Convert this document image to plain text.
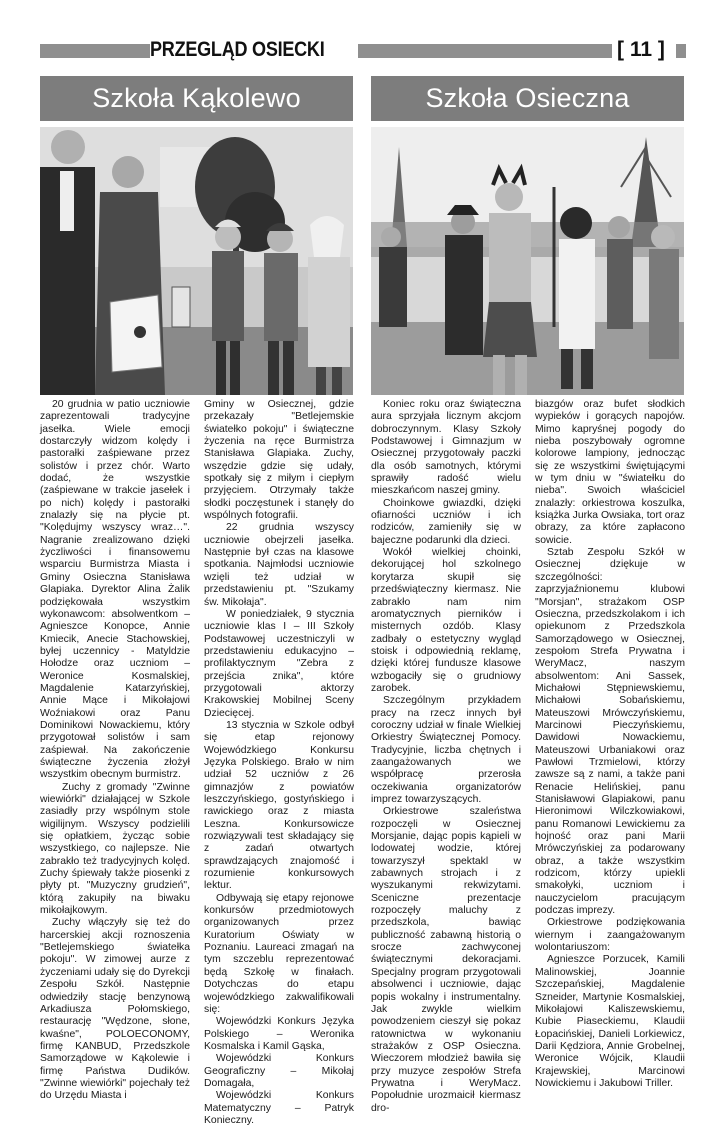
PRZEGLĄD OSIECKI	[ 11 ]
Szkoła Kąkolewo	Szkoła Osieczna

20 grudnia w patio uczniowie zaprezentowali tradycyjne jasełka. Wiele emocji dostarczyły widzom kolędy i pastorałki zaśpiewane przez solistów i przez chór. Warto dodać, że wszystkie (zaśpiewane w trakcie jasełek i po nich) kolędy i pastorałki znalazły się na płycie pt. "Kolędujmy wszyscy wraz…". Nagranie zrealizowano dzięki życzliwości i finansowemu wsparciu Burmistrza Miasta i Gminy Osieczna Stanisława Glapiaka. Dyrektor Alina Żalik podziękowała wszystkim wykonawcom: absolwentkom – Agnieszce Konopce, Annie Kmiecik, Anecie Stachowskiej, byłej uczennicy - Matyldzie Hołodze oraz uczniom – Weronice Kosmalskiej, Magdalenie Katarzyńskiej, Annie Mące i Mikołajowi Woźniakowi oraz Panu Dominikowi Nowackiemu, który przygotował solistów i sam zaśpiewał. Na zakończenie świąteczne życzenia złożył wszystkim obecnym burmistrz.

Zuchy z gromady "Zwinne wiewiórki" działającej w Szkole zasiadły przy wspólnym stole wigilijnym. Wszyscy podzielili się opłatkiem, życząc sobie wszystkiego, co najlepsze. Nie zabrakło też tradycyjnych kolęd. Zuchy śpiewały także piosenki z płyty pt. "Muzyczny grudzień", którą zakupiły na biwaku mikołajkowym.

Zuchy włączyły się też do harcerskiej akcji roznoszenia "Betlejemskiego światełka pokoju". W zimowej aurze z życzeniami udały się do Dyrekcji Zespołu Szkół. Następnie odwiedziły stację benzynową Arkadiusza Połomskiego, restaurację "Wędzone, słone, kwaśne", POLOECONOMY, firmę KANBUD, Przedszkole Samorządowe w Kąkolewie i firmę Państwa Dudików. "Zwinne wiewiórki" pojechały też do Urzędu Miasta i

Gminy w Osiecznej, gdzie przekazały "Betlejemskie światełko pokoju" i świąteczne życzenia na ręce Burmistrza Stanisława Glapiaka. Zuchy, wszędzie gdzie się udały, spotkały się z miłym i ciepłym przyjęciem. Otrzymały także słodki poczęstunek i stanęły do wspólnych fotografii.

22 grudnia wszyscy uczniowie obejrzeli jasełka. Następnie był czas na klasowe spotkania. Najmłodsi uczniowie wzięli też udział w przedstawieniu pt. "Szukamy św. Mikołaja".

W poniedziałek, 9 stycznia uczniowie klas I – III Szkoły Podstawowej uczestniczyli w przedstawieniu edukacyjno – profilaktycznym "Zebra z przejścia znika", które przygotowali aktorzy Krakowskiej Mobilnej Sceny Dziecięcej.

13 stycznia w Szkole odbył się etap rejonowy Wojewódzkiego Konkursu Języka Polskiego. Brało w nim udział 52 uczniów z 26 gimnazjów z powiatów leszczyńskiego, gostyńskiego i rawickiego oraz z miasta Leszna. Konkursowicze rozwiązywali test składający się z zadań otwartych sprawdzających znajomość i rozumienie konkursowych lektur.

Odbywają się etapy rejonowe konkursów przedmiotowych organizowanych przez Kuratorium Oświaty w Poznaniu. Laureaci zmagań na tym szczeblu reprezentować będą Szkołę w finałach. Dotychczas do etapu wojewódzkiego zakwalifikowali się:

Wojewódzki Konkurs Języka Polskiego – Weronika Kosmalska i Kamil Gąska,

Wojewódzki Konkurs Geograficzny – Mikołaj Domagała,

Wojewódzki Konkurs Matematyczny – Patryk Konieczny.

Koniec roku oraz świąteczna aura sprzyjała licznym akcjom dobroczynnym. Klasy Szkoły Podstawowej i Gimnazjum w Osiecznej przygotowały paczki dla osób samotnych, którymi sprawiły radość wielu mieszkańcom naszej gminy.

Choinkowe gwiazdki, dzięki ofiarności uczniów i ich rodziców, zamieniły się w bajeczne podarunki dla dzieci.

Wokół wielkiej choinki, dekorującej hol szkolnego korytarza skupił się przedświąteczny kiermasz. Nie zabrakło nam nim aromatycznych pierników i misternych ozdób. Klasy zadbały o estetyczny wygląd stoisk i odpowiednią reklamę, dzięki której fundusze klasowe wzbogaciły się o grudniowy zarobek.

Szczególnym przykładem pracy na rzecz innych był coroczny udział w finale Wielkiej Orkiestry Świątecznej Pomocy. Tradycyjnie, liczba chętnych i zaangażowanych we współpracę przerosła oczekiwania organizatorów imprez towarzyszących.

Orkiestrowe szaleństwa rozpoczęli w Osiecznej Morsjanie, dając popis kąpieli w lodowatej wodzie, której towarzyszył spektakl w zabawnych strojach i z wyszukanymi rekwizytami. Sceniczne prezentacje rozpoczęły maluchy z przedszkola, bawiąc publiczność zabawną historią o srocze zachwyconej świątecznymi dekoracjami. Specjalny program przygotowali absolwenci i uczniowie, dając popis wokalny i instrumentalny. Jak zwykle wielkim powodzeniem cieszył się pokaz ratownictwa w wykonaniu strażaków z OSP Osieczna. Wieczorem młodzież bawiła się przy muzyce zespołów Strefa Prywatna i WeryMacz. Popołudnie urozmaicił kiermasz dro-

biazgów oraz bufet słodkich wypieków i gorących napojów. Mimo kapryśnej pogody do nieba poszybowały ogromne kolorowe lampiony, jednocząc się ze wszystkimi świętującymi w tym dniu w "światełku do nieba". Swoich właściciel znalazły: orkiestrowa koszulka, książka Jurka Owsiaka, tort oraz obrazy, za które zapłacono sowicie.

Sztab Zespołu Szkół w Osiecznej dziękuje w szczególności: zaprzyjaźnionemu klubowi "Morsjan", strażakom OSP Osieczna, przedszkolakom i ich opiekunom z Przedszkola Samorządowego w Osiecznej, zespołom Strefa Prywatna i WeryMacz, naszym absolwentom: Ani Sassek, Michałowi Stępniewskiemu, Michałowi Sobańskiemu, Mateuszowi Mrówczyńskiemu, Marcinowi Pieczyńskiemu, Dawidowi Nowackiemu, Mateuszowi Urbaniakowi oraz Pawłowi Trzmielowi, którzy zawsze są z nami, a także pani Renacie Helińskiej, panu Stanisławowi Glapiakowi, panu Hieronimowi Wilczkowiakowi, panu Romanowi Lewickiemu za hojność oraz pani Marii Mrówczyńskiej za podarowany obraz, a także wszystkim rodzicom, którzy upiekli smakołyki, uczniom i nauczycielom pracującym podczas imprezy.

Orkiestrowe podziękowania wiernym i zaangażowanym wolontariuszom:

Agnieszce Porzucek, Kamili Malinowskiej, Joannie Szczepańskiej, Magdalenie Szneider, Martynie Kosmalskiej, Mikołajowi Kaliszewskiemu, Kubie Piaseckiemu, Klaudii Łopacińskiej, Danieli Lorkiewicz, Darii Kędziora, Annie Grobelnej, Weronice Wójcik, Klaudii Krajewskiej, Marcinowi Nowickiemu i Jakubowi Triller.
